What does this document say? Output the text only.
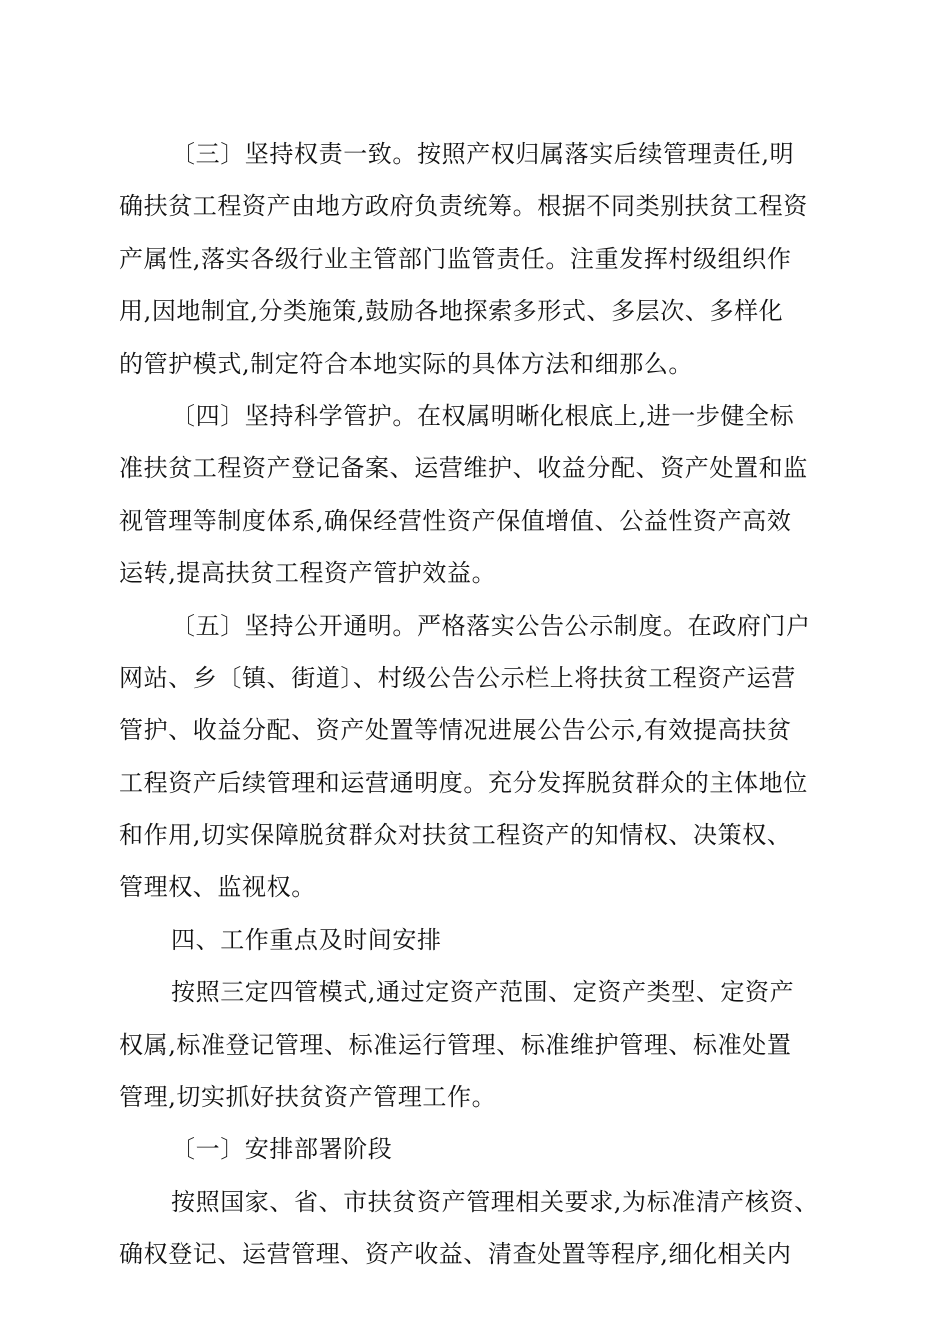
〔三〕坚持权责一致。按照产权归属落实后续管理责任,明
确扶贫工程资产由地方政府负责统筹。根据不同类别扶贫工程资
产属性,落实各级行业主管部门监管责任。注重发挥村级组织作
用,因地制宜,分类施策,鼓励各地探索多形式、多层次、多样化
的管护模式,制定符合本地实际的具体方法和细那么。
〔四〕坚持科学管护。在权属明晰化根底上,进一步健全标
准扶贫工程资产登记备案、运营维护、收益分配、资产处置和监
视管理等制度体系,确保经营性资产保值增值、公益性资产高效
运转,提高扶贫工程资产管护效益。
〔五〕坚持公开通明。严格落实公告公示制度。在政府门户
网站、乡〔镇、街道〕、村级公告公示栏上将扶贫工程资产运营
管护、收益分配、资产处置等情况进展公告公示,有效提高扶贫
工程资产后续管理和运营通明度。充分发挥脱贫群众的主体地位
和作用,切实保障脱贫群众对扶贫工程资产的知情权、决策权、
管理权、监视权。
四、工作重点及时间安排
按照三定四管模式,通过定资产范围、定资产类型、定资产
权属,标准登记管理、标准运行管理、标准维护管理、标准处置
管理,切实抓好扶贫资产管理工作。
〔一〕安排部署阶段
按照国家、省、市扶贫资产管理相关要求,为标准清产核资、
确权登记、运营管理、资产收益、清查处置等程序,细化相关内
